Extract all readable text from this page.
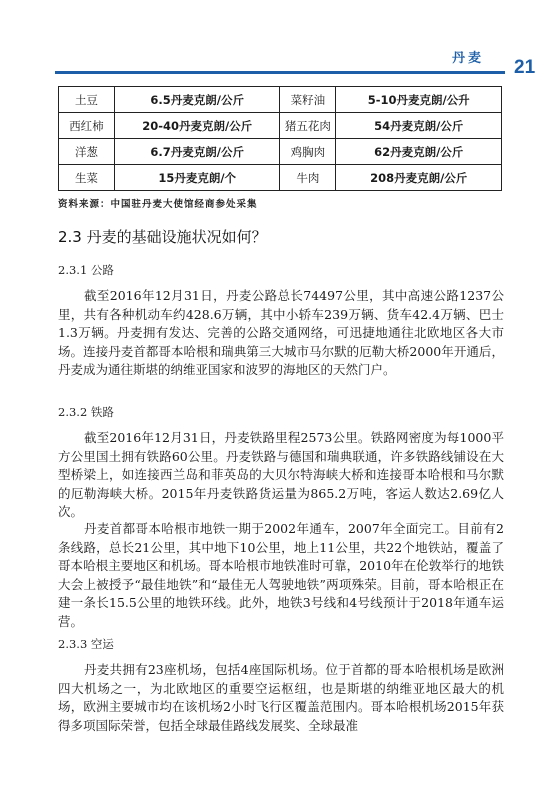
丹麦 21
土豆	6.5丹麦克朗/公斤	菜籽油	5-10丹麦克朗/公升
西红柿	20-40丹麦克朗/公斤	猪五花肉	54丹麦克朗/公斤
洋葱	6.7丹麦克朗/公斤	鸡胸肉	62丹麦克朗/公斤
生菜	15丹麦克朗/个	牛肉	208丹麦克朗/公斤
资料来源：中国驻丹麦大使馆经商参处采集
2.3 丹麦的基础设施状况如何？
2.3.1 公路

截至2016年12月31日，丹麦公路总长74497公里，其中高速公路1237公里，共有各种机动车约428.6万辆，其中小轿车239万辆、货车42.4万辆、巴士1.3万辆。丹麦拥有发达、完善的公路交通网络，可迅捷地通往北欧地区各大市场。连接丹麦首都哥本哈根和瑞典第三大城市马尔默的厄勒大桥2000年开通后，丹麦成为通往斯堪的纳维亚国家和波罗的海地区的天然门户。

2.3.2 铁路

截至2016年12月31日，丹麦铁路里程2573公里。铁路网密度为每1000平方公里国土拥有铁路60公里。丹麦铁路与德国和瑞典联通，许多铁路线铺设在大型桥梁上，如连接西兰岛和菲英岛的大贝尔特海峡大桥和连接哥本哈根和马尔默的厄勒海峡大桥。2015年丹麦铁路货运量为865.2万吨，客运人数达2.69亿人次。

丹麦首都哥本哈根市地铁一期于2002年通车，2007年全面完工。目前有2条线路，总长21公里，其中地下10公里，地上11公里，共22个地铁站，覆盖了哥本哈根主要地区和机场。哥本哈根市地铁准时可靠，2010年在伦敦举行的地铁大会上被授予“最佳地铁”和“最佳无人驾驶地铁”两项殊荣。目前，哥本哈根正在建一条长15.5公里的地铁环线。此外，地铁3号线和4号线预计于2018年通车运营。

2.3.3 空运

丹麦共拥有23座机场，包括4座国际机场。位于首都的哥本哈根机场是欧洲四大机场之一，为北欧地区的重要空运枢纽，也是斯堪的纳维亚地区最大的机场，欧洲主要城市均在该机场2小时飞行区覆盖范围内。哥本哈根机场2015年获得多项国际荣誉，包括全球最佳路线发展奖、全球最准
